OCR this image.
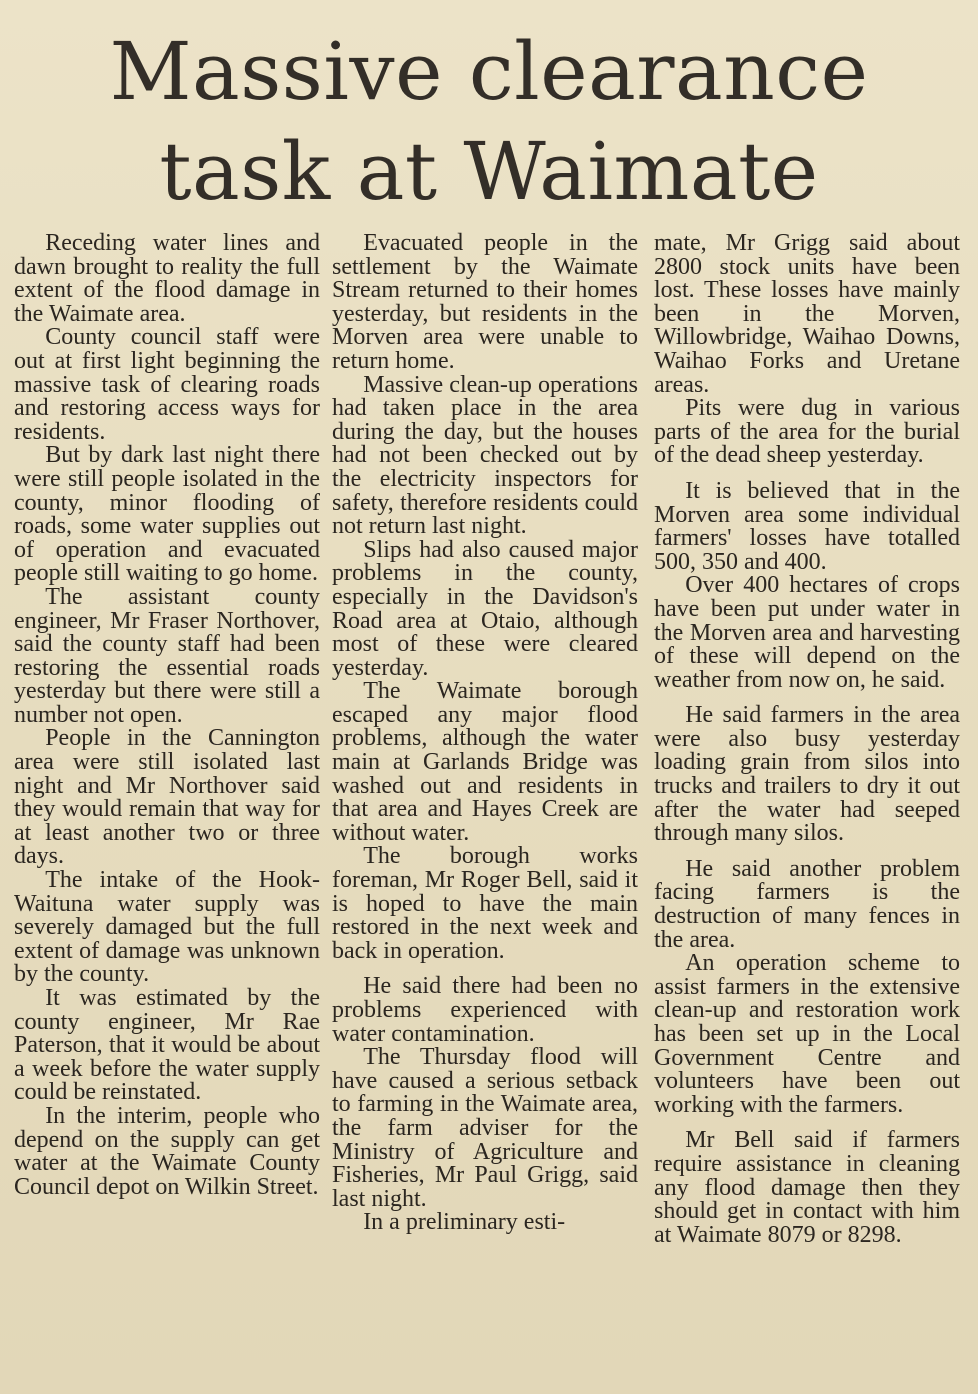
Massive clearance
task at Waimate

Receding water lines and dawn brought to reality the full extent of the flood damage in the Waimate area.

County council staff were out at first light beginning the massive task of clearing roads and restoring access ways for residents.

But by dark last night there were still people isolated in the county, minor flooding of roads, some water supplies out of operation and evacuated people still waiting to go home.

The assistant county engineer, Mr Fraser Northover, said the county staff had been restoring the essential roads yesterday but there were still a number not open.

People in the Cannington area were still isolated last night and Mr Northover said they would remain that way for at least another two or three days.

The intake of the Hook-Waituna water supply was severely damaged but the full extent of damage was unknown by the county.

It was estimated by the county engineer, Mr Rae Paterson, that it would be about a week before the water supply could be reinstated.

In the interim, people who depend on the supply can get water at the Waimate County Council depot on Wilkin Street.

Evacuated people in the settlement by the Waimate Stream returned to their homes yesterday, but residents in the Morven area were unable to return home.

Massive clean-up operations had taken place in the area during the day, but the houses had not been checked out by the electricity inspectors for safety, therefore residents could not return last night.

Slips had also caused major problems in the county, especially in the Davidson's Road area at Otaio, although most of these were cleared yesterday.

The Waimate borough escaped any major flood problems, although the water main at Garlands Bridge was washed out and residents in that area and Hayes Creek are without water.

The borough works foreman, Mr Roger Bell, said it is hoped to have the main restored in the next week and back in operation.

He said there had been no problems experienced with water contamination.

The Thursday flood will have caused a serious setback to farming in the Waimate area, the farm adviser for the Ministry of Agriculture and Fisheries, Mr Paul Grigg, said last night.

In a preliminary esti-

mate, Mr Grigg said about 2800 stock units have been lost. These losses have mainly been in the Morven, Willowbridge, Waihao Downs, Waihao Forks and Uretane areas.

Pits were dug in various parts of the area for the burial of the dead sheep yesterday.

It is believed that in the Morven area some individual farmers' losses have totalled 500, 350 and 400.

Over 400 hectares of crops have been put under water in the Morven area and harvesting of these will depend on the weather from now on, he said.

He said farmers in the area were also busy yesterday loading grain from silos into trucks and trailers to dry it out after the water had seeped through many silos.

He said another problem facing farmers is the destruction of many fences in the area.

An operation scheme to assist farmers in the extensive clean-up and restoration work has been set up in the Local Government Centre and volunteers have been out working with the farmers.

Mr Bell said if farmers require assistance in cleaning any flood damage then they should get in contact with him at Waimate 8079 or 8298.
